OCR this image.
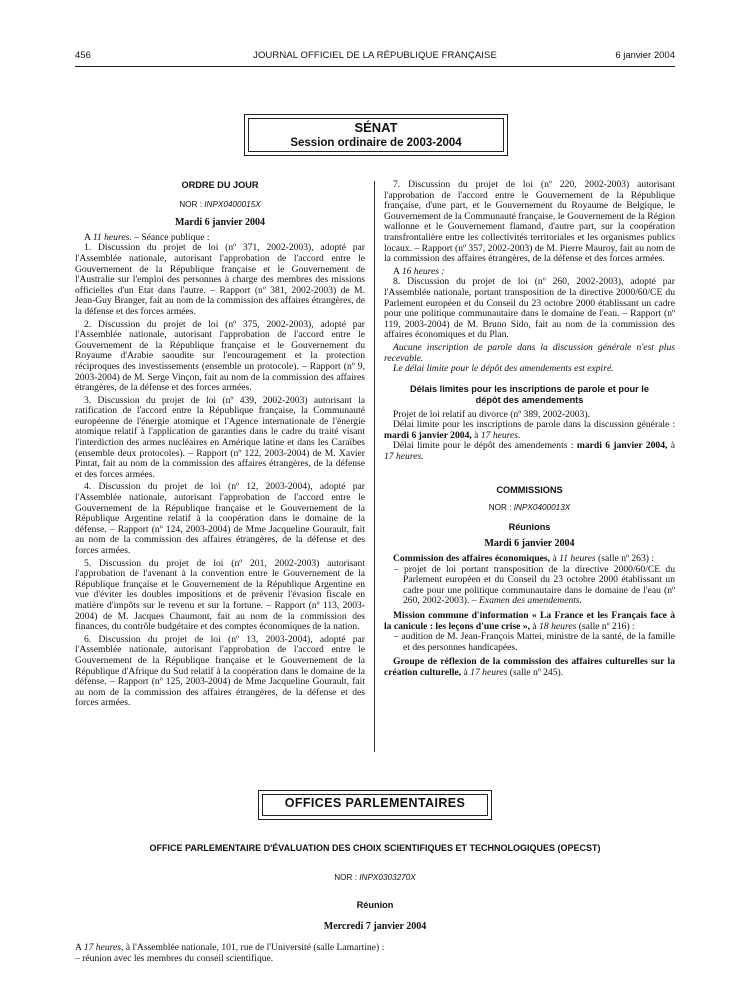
456	JOURNAL OFFICIEL DE LA RÉPUBLIQUE FRANÇAISE	6 janvier 2004
SÉNAT
Session ordinaire de 2003-2004
ORDRE DU JOUR
NOR : INPX0400015X
Mardi 6 janvier 2004

A 11 heures. – Séance publique :

1. Discussion du projet de loi (nº 371, 2002-2003), adopté par l'Assemblée nationale, autorisant l'approbation de l'accord entre le Gouvernement de la République française et le Gouvernement de l'Australie sur l'emploi des personnes à charge des membres des missions officielles d'un Etat dans l'autre. – Rapport (nº 381, 2002-2003) de M. Jean-Guy Branger, fait au nom de la commission des affaires étrangères, de la défense et des forces armées.

2. Discussion du projet de loi (nº 375, 2002-2003), adopté par l'Assemblée nationale, autorisant l'approbation de l'accord entre le Gouvernement de la République française et le Gouvernement du Royaume d'Arabie saoudite sur l'encouragement et la protection réciproques des investissements (ensemble un protocole). – Rapport (nº 9, 2003-2004) de M. Serge Vinçon, fait au nom de la commission des affaires étrangères, de la défense et des forces armées.

3. Discussion du projet de loi (nº 439, 2002-2003) autorisant la ratification de l'accord entre la République française, la Communauté européenne de l'énergie atomique et l'Agence internationale de l'énergie atomique relatif à l'application de garanties dans le cadre du traité visant l'interdiction des armes nucléaires en Amérique latine et dans les Caraïbes (ensemble deux protocoles). – Rapport (nº 122, 2003-2004) de M. Xavier Pintat, fait au nom de la commission des affaires étrangères, de la défense et des forces armées.

4. Discussion du projet de loi (nº 12, 2003-2004), adopté par l'Assemblée nationale, autorisant l'approbation de l'accord entre le Gouvernement de la République française et le Gouvernement de la République Argentine relatif à la coopération dans le domaine de la défense. – Rapport (nº 124, 2003-2004) de Mme Jacqueline Gourault, fait au nom de la commission des affaires étrangères, de la défense et des forces armées.

5. Discussion du projet de loi (nº 201, 2002-2003) autorisant l'approbation de l'avenant à la convention entre le Gouvernement de la République française et le Gouvernement de la République Argentine en vue d'éviter les doubles impositions et de prévenir l'évasion fiscale en matière d'impôts sur le revenu et sur la fortune. – Rapport (nº 113, 2003-2004) de M. Jacques Chaumont, fait au nom de la commission des finances, du contrôle budgétaire et des comptes économiques de la nation.

6. Discussion du projet de loi (nº 13, 2003-2004), adopté par l'Assemblée nationale, autorisant l'approbation de l'accord entre le Gouvernement de la République française et le Gouvernement de la République d'Afrique du Sud relatif à la coopération dans le domaine de la défense. – Rapport (nº 125, 2003-2004) de Mme Jacqueline Gourault, fait au nom de la commission des affaires étrangères, de la défense et des forces armées.

7. Discussion du projet de loi (nº 220, 2002-2003) autorisant l'approbation de l'accord entre le Gouvernement de la République française, d'une part, et le Gouvernement du Royaume de Belgique, le Gouvernement de la Communauté française, le Gouvernement de la Région wallonne et le Gouvernement flamand, d'autre part, sur la coopération transfrontalière entre les collectivités territoriales et les organismes publics locaux. – Rapport (nº 357, 2002-2003) de M. Pierre Mauroy, fait au nom de la commission des affaires étrangères, de la défense et des forces armées.

A 16 heures :

8. Discussion du projet de loi (nº 260, 2002-2003), adopté par l'Assemblée nationale, portant transposition de la directive 2000/60/CE du Parlement européen et du Conseil du 23 octobre 2000 établissant un cadre pour une politique communautaire dans le domaine de l'eau. – Rapport (nº 119, 2003-2004) de M. Bruno Sido, fait au nom de la commission des affaires économiques et du Plan.

Aucune inscription de parole dans la discussion générale n'est plus recevable.

Le délai limite pour le dépôt des amendements est expiré.

Délais limites pour les inscriptions de parole et pour le dépôt des amendements

Projet de loi relatif au divorce (nº 389, 2002-2003).

Délai limite pour les inscriptions de parole dans la discussion générale : mardi 6 janvier 2004, à 17 heures.

Délai limite pour le dépôt des amendements : mardi 6 janvier 2004, à 17 heures.

COMMISSIONS
NOR : INPX0400013X
Réunions
Mardi 6 janvier 2004

Commission des affaires économiques, à 11 heures (salle nº 263) :

– projet de loi portant transposition de la directive 2000/60/CE du Parlement européen et du Conseil du 23 octobre 2000 établissant un cadre pour une politique communautaire dans le domaine de l'eau (nº 260, 2002-2003). – Examen des amendements.

Mission commune d'information « La France et les Français face à la canicule : les leçons d'une crise », à 18 heures (salle nº 216) :

– audition de M. Jean-François Mattei, ministre de la santé, de la famille et des personnes handicapées.

Groupe de réflexion de la commission des affaires culturelles sur la création culturelle, à 17 heures (salle nº 245).

OFFICES PARLEMENTAIRES
OFFICE PARLEMENTAIRE D'ÉVALUATION DES CHOIX SCIENTIFIQUES ET TECHNOLOGIQUES (OPECST)
NOR : INPX0303270X
Réunion
Mercredi 7 janvier 2004
A 17 heures, à l'Assemblée nationale, 101, rue de l'Université (salle Lamartine) :
– réunion avec les membres du conseil scientifique.
